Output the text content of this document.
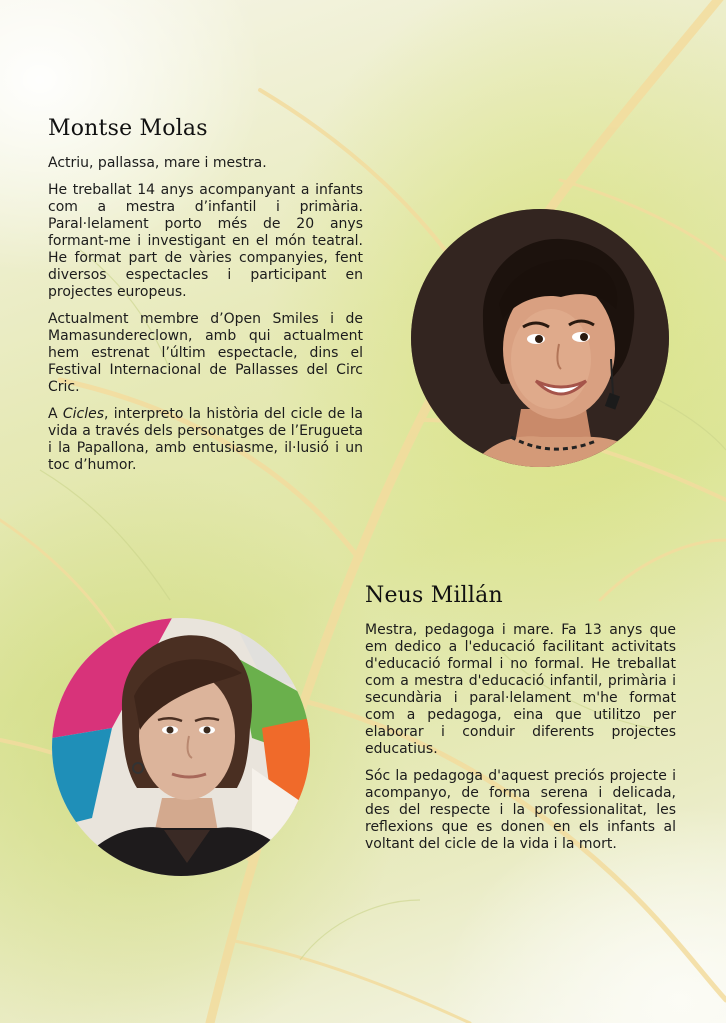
Montse Molas

Actriu, pallassa, mare i mestra.

He treballat 14 anys acompanyant a infants com a mestra d’infantil i primària. Paral·lelament porto més de 20 anys formant-me i investigant en el món teatral. He format part de vàries companyies, fent diversos espectacles i participant en projectes europeus.

Actualment membre d’Open Smiles i de Mamasundereclown, amb qui actualment hem estrenat l’últim espectacle, dins el Festival Internacional de Pallasses del Circ Cric.

A Cicles, interpreto la història del cicle de la vida a través dels personatges de l’Erugueta i la Papallona, amb entusiasme, il·lusió i un toc d’humor.

Neus Millán

Mestra, pedagoga i mare. Fa 13 anys que em dedico a l'educació facilitant activitats d'educació formal i no formal. He treballat com a mestra d'educació infantil, primària i secundària i paral·lelament m'he format com a pedagoga, eina que utilitzo per elaborar i conduir diferents projectes educatius.

Sóc la pedagoga d'aquest preciós projecte i acompanyo, de forma serena i delicada, des del respecte i la professionalitat, les reflexions que es donen en els infants al voltant del cicle de la vida i la mort.
